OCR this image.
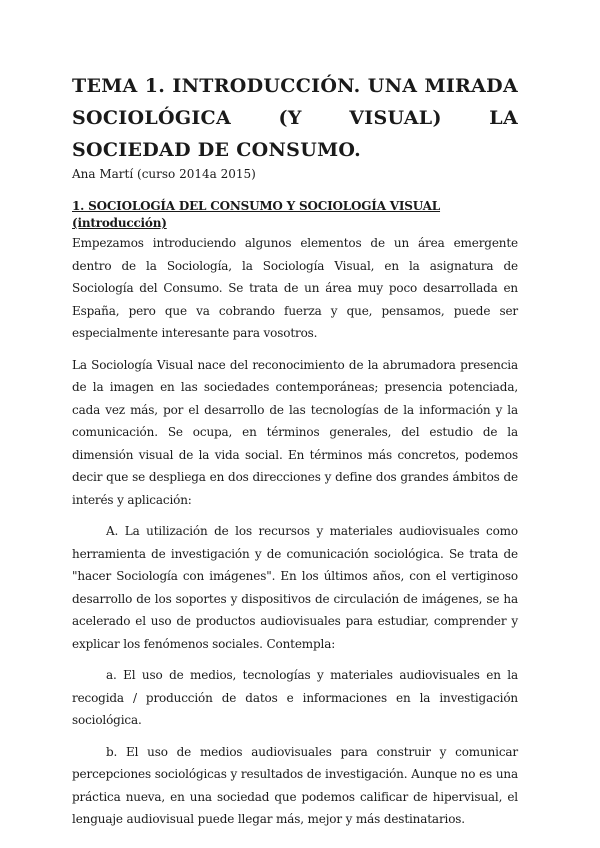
TEMA 1. INTRODUCCIÓN. UNA MIRADA SOCIOLÓGICA (Y VISUAL) LA SOCIEDAD DE CONSUMO.

Ana Martí (curso 2014a 2015)

1. SOCIOLOGÍA DEL CONSUMO Y SOCIOLOGÍA VISUAL (introducción)

Empezamos introduciendo algunos elementos de un área emergente dentro de la Sociología, la Sociología Visual, en la asignatura de Sociología del Consumo. Se trata de un área muy poco desarrollada en España, pero que va cobrando fuerza y que, pensamos, puede ser especialmente interesante para vosotros.

La Sociología Visual nace del reconocimiento de la abrumadora presencia de la imagen en las sociedades contemporáneas; presencia potenciada, cada vez más, por el desarrollo de las tecnologías de la información y la comunicación. Se ocupa, en términos generales, del estudio de la dimensión visual de la vida social. En términos más concretos, podemos decir que se despliega en dos direcciones y define dos grandes ámbitos de interés y aplicación:

A. La utilización de los recursos y materiales audiovisuales como herramienta de investigación y de comunicación sociológica. Se trata de "hacer Sociología con imágenes". En los últimos años, con el vertiginoso desarrollo de los soportes y dispositivos de circulación de imágenes, se ha acelerado el uso de productos audiovisuales para estudiar, comprender y explicar los fenómenos sociales. Contempla:

a. El uso de medios, tecnologías y materiales audiovisuales en la recogida / producción de datos e informaciones en la investigación sociológica.

b. El uso de medios audiovisuales para construir y comunicar percepciones sociológicas y resultados de investigación. Aunque no es una práctica nueva, en una sociedad que podemos calificar de hipervisual, el lenguaje audiovisual puede llegar más, mejor y más destinatarios.
